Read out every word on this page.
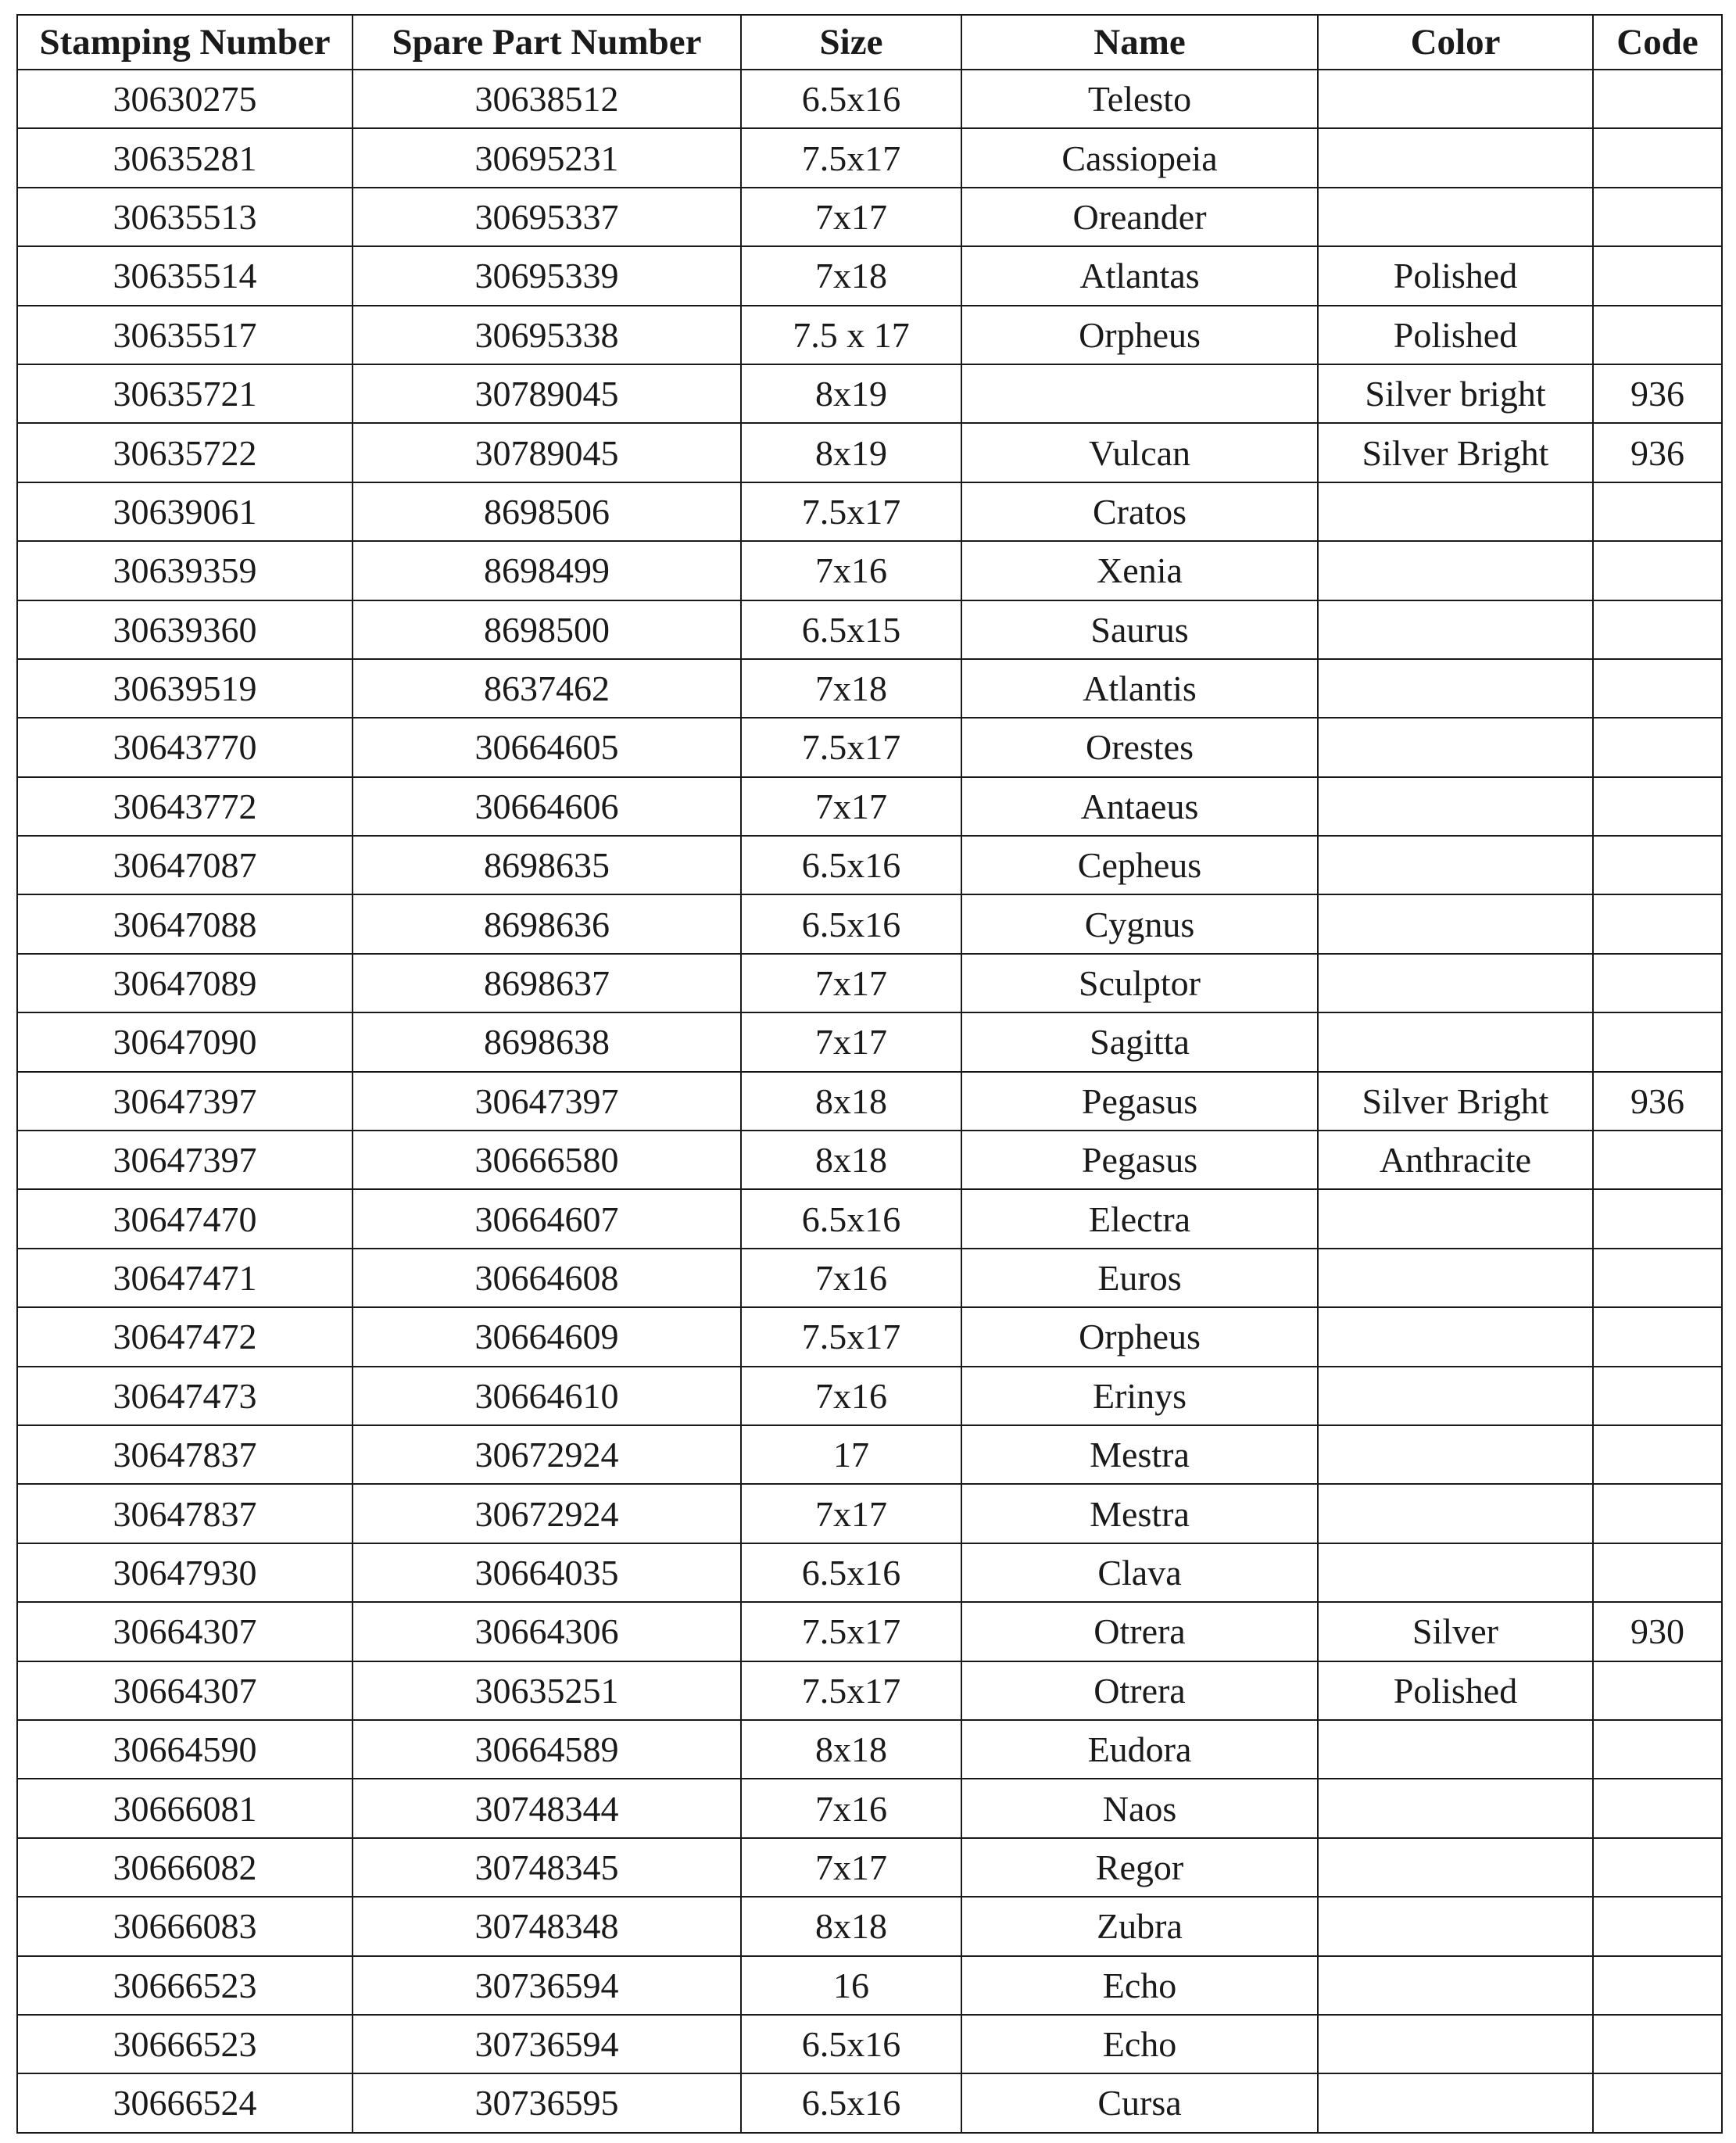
Stamping Number	Spare Part Number	Size	Name	Color	Code
30630275	30638512	6.5x16	Telesto		
30635281	30695231	7.5x17	Cassiopeia		
30635513	30695337	7x17	Oreander		
30635514	30695339	7x18	Atlantas	Polished	
30635517	30695338	7.5 x 17	Orpheus	Polished	
30635721	30789045	8x19		Silver bright	936
30635722	30789045	8x19	Vulcan	Silver Bright	936
30639061	8698506	7.5x17	Cratos		
30639359	8698499	7x16	Xenia		
30639360	8698500	6.5x15	Saurus		
30639519	8637462	7x18	Atlantis		
30643770	30664605	7.5x17	Orestes		
30643772	30664606	7x17	Antaeus		
30647087	8698635	6.5x16	Cepheus		
30647088	8698636	6.5x16	Cygnus		
30647089	8698637	7x17	Sculptor		
30647090	8698638	7x17	Sagitta		
30647397	30647397	8x18	Pegasus	Silver Bright	936
30647397	30666580	8x18	Pegasus	Anthracite	
30647470	30664607	6.5x16	Electra		
30647471	30664608	7x16	Euros		
30647472	30664609	7.5x17	Orpheus		
30647473	30664610	7x16	Erinys		
30647837	30672924	17	Mestra		
30647837	30672924	7x17	Mestra		
30647930	30664035	6.5x16	Clava		
30664307	30664306	7.5x17	Otrera	Silver	930
30664307	30635251	7.5x17	Otrera	Polished	
30664590	30664589	8x18	Eudora		
30666081	30748344	7x16	Naos		
30666082	30748345	7x17	Regor		
30666083	30748348	8x18	Zubra		
30666523	30736594	16	Echo		
30666523	30736594	6.5x16	Echo		
30666524	30736595	6.5x16	Cursa		
